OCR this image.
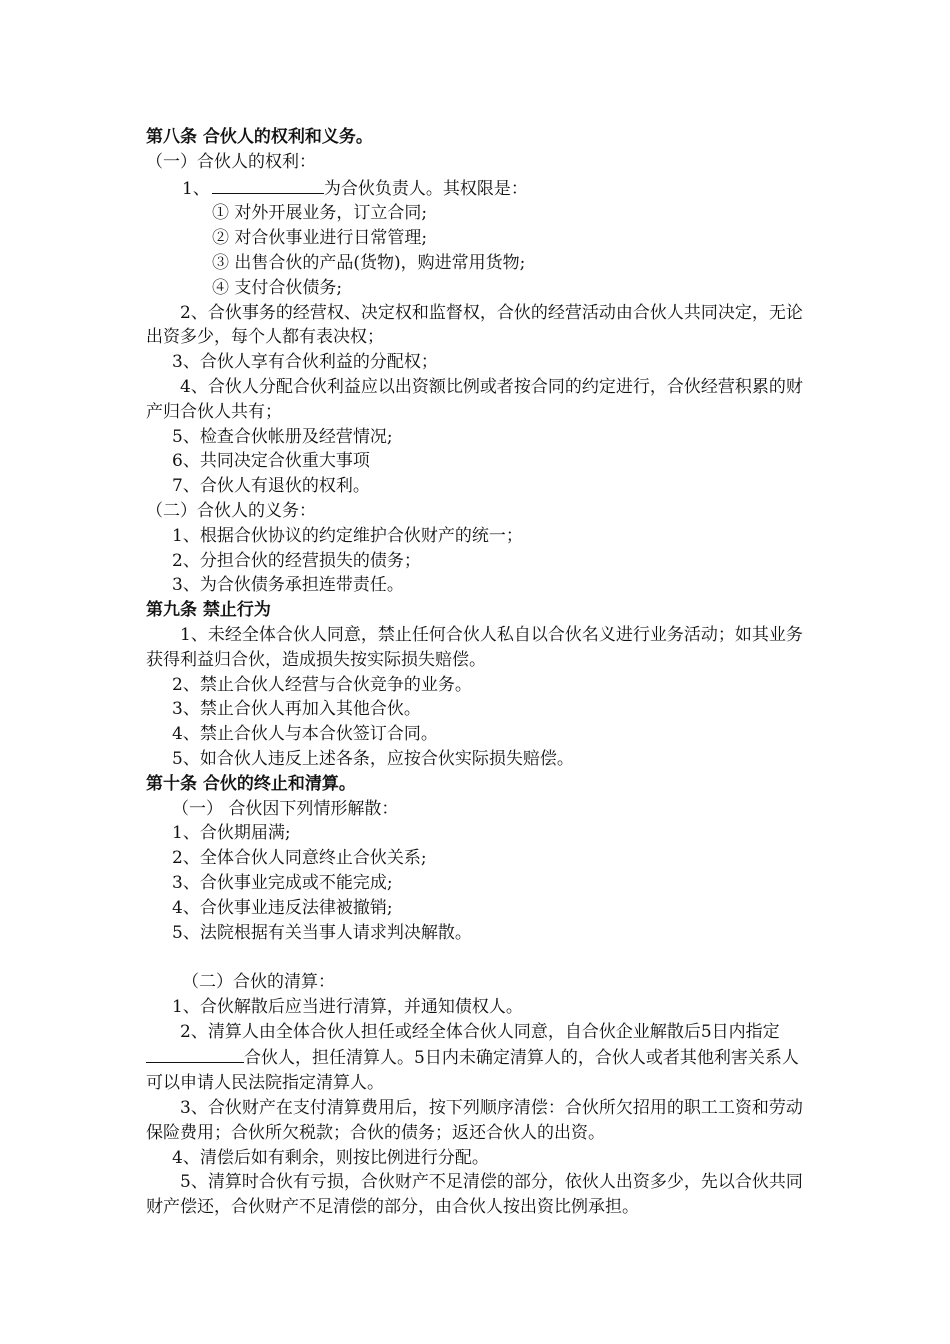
第八条 合伙人的权利和义务。
（一）合伙人的权利：
1、	为合伙负责人。其权限是：
① 对外开展业务，订立合同;
② 对合伙事业进行日常管理;
③ 出售合伙的产品(货物)，购进常用货物;
④ 支付合伙债务;
2、合伙事务的经营权、决定权和监督权，合伙的经营活动由合伙人共同决定，无论出资多少，每个人都有表决权；
3、合伙人享有合伙利益的分配权；
4、合伙人分配合伙利益应以出资额比例或者按合同的约定进行，合伙经营积累的财产归合伙人共有；
5、检查合伙帐册及经营情况;
6、共同决定合伙重大事项
7、合伙人有退伙的权利。
（二）合伙人的义务：
1、根据合伙协议的约定维护合伙财产的统一；
2、分担合伙的经营损失的债务；
3、为合伙债务承担连带责任。
第九条 禁止行为
1、未经全体合伙人同意，禁止任何合伙人私自以合伙名义进行业务活动；如其业务获得利益归合伙，造成损失按实际损失赔偿。
2、禁止合伙人经营与合伙竞争的业务。
3、禁止合伙人再加入其他合伙。
4、禁止合伙人与本合伙签订合同。
5、如合伙人违反上述各条，应按合伙实际损失赔偿。
第十条 合伙的终止和清算。
（一） 合伙因下列情形解散：
1、合伙期届满;
2、全体合伙人同意终止合伙关系;
3、合伙事业完成或不能完成;
4、合伙事业违反法律被撤销;
5、法院根据有关当事人请求判决解散。
（二）合伙的清算：
1、合伙解散后应当进行清算，并通知债权人。
2、清算人由全体合伙人担任或经全体合伙人同意，自合伙企业解散后5日内指定合伙人，担任清算人。5日内未确定清算人的，合伙人或者其他利害关系人可以申请人民法院指定清算人。
3、合伙财产在支付清算费用后，按下列顺序清偿：合伙所欠招用的职工工资和劳动保险费用；合伙所欠税款；合伙的债务；返还合伙人的出资。
4、清偿后如有剩余，则按比例进行分配。
5、清算时合伙有亏损，合伙财产不足清偿的部分，依伙人出资多少，先以合伙共同财产偿还，合伙财产不足清偿的部分，由合伙人按出资比例承担。
